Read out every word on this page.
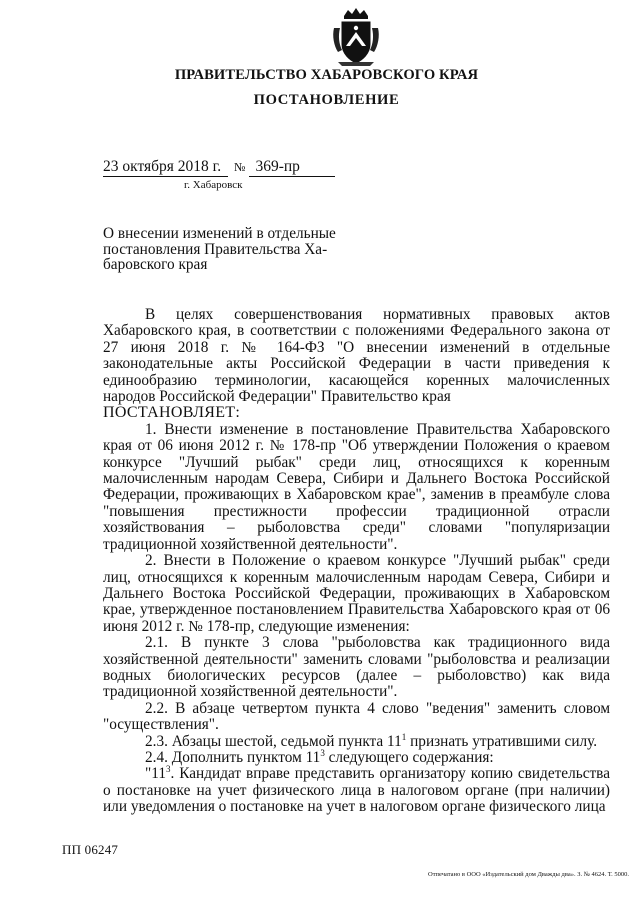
ПРАВИТЕЛЬСТВО ХАБАРОВСКОГО КРАЯ
ПОСТАНОВЛЕНИЕ
23 октября 2018 г. № 369-пр
г. Хабаровск
О внесении изменений в отдельные
постановления Правительства Ха-
баровского края

В целях совершенствования нормативных правовых актов Хабаровского края, в соответствии с положениями Федерального закона от 27 июня 2018 г. № 164-ФЗ "О внесении изменений в отдельные законодательные акты Российской Федерации в части приведения к единообразию терминологии, касающейся коренных малочисленных народов Российской Федерации" Правительство края

ПОСТАНОВЛЯЕТ:

1. Внести изменение в постановление Правительства Хабаровского края от 06 июня 2012 г. № 178-пр "Об утверждении Положения о краевом конкурсе "Лучший рыбак" среди лиц, относящихся к коренным малочисленным народам Севера, Сибири и Дальнего Востока Российской Федерации, проживающих в Хабаровском крае", заменив в преамбуле слова "повышения престижности профессии традиционной отрасли хозяйствования – рыболовства среди" словами "популяризации традиционной хозяйственной деятельности".

2. Внести в Положение о краевом конкурсе "Лучший рыбак" среди лиц, относящихся к коренным малочисленным народам Севера, Сибири и Дальнего Востока Российской Федерации, проживающих в Хабаровском крае, утвержденное постановлением Правительства Хабаровского края от 06 июня 2012 г. № 178-пр, следующие изменения:

2.1. В пункте 3 слова "рыболовства как традиционного вида хозяйственной деятельности" заменить словами "рыболовства и реализации водных биологических ресурсов (далее – рыболовство) как вида традиционной хозяйственной деятельности".

2.2. В абзаце четвертом пункта 4 слово "ведения" заменить словом "осуществления".

2.3. Абзацы шестой, седьмой пункта $11^1$ признать утратившими силу.

2.4. Дополнить пунктом $11^3$ следующего содержания:

"$11^3$. Кандидат вправе представить организатору копию свидетельства о постановке на учет физического лица в налоговом органе (при наличии) или уведомления о постановке на учет в налоговом органе физического лица

ПП 06247
Отпечатано в ООО «Издательский дом Дважды два». З. № 4624. Т. 5000.
